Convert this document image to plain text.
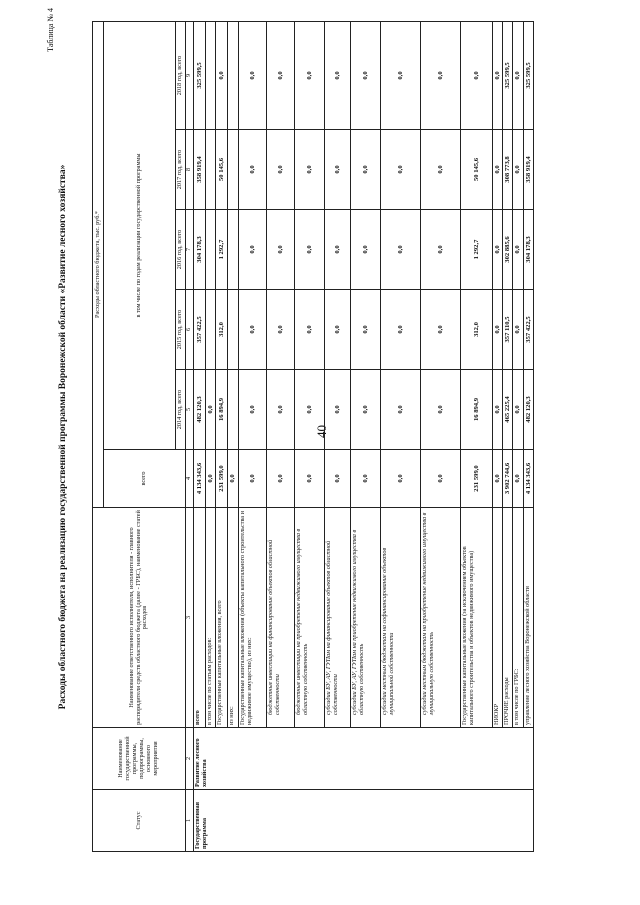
40
Таблица № 4
Расходы областного бюджета на реализацию государственной программы Воронежской области «Развитие лесного хозяйства»
Статус	Наименование государственной программы, подпрограммы, основного мероприятия	Наименование ответственного исполнителя, исполнителя - главного распорядителя средств областного бюджета (далее - ГРБС), наименование статей расходов	Расходы областного бюджета, тыс. руб.*					
			всего	в том числе по годам реализации государственной программы				
				2014 год, всего	2015 год, всего	2016 год, всего	2017 год, всего	2018 год, всего
1	2	3	4	5	6	7	8	9
Государственная программа	Развитие лесного хозяйства	всего	4 134 343,6	482 120,3	357 422,5	304 178,3	358 919,4	325 599,5
		в том числе по статьям расходов:	0,0	0,0				
		Государственные капитальные вложения, всего	231 599,0	16 894,9	312,0	1 292,7	50 145,6	0,0
		из них:	0,0					
		Государственные капитальные вложения (объекты капитального строительства и недвижимое имущество), из них:	0,0	0,0	0,0	0,0	0,0	0,0
		бюджетные инвестиции на финансирование объектов областной собственности	0,0	0,0	0,0	0,0	0,0	0,0
		бюджетные инвестиции на приобретение недвижимого имущества в областную собственность	0,0	0,0	0,0	0,0	0,0	0,0
		субсидии БУ, АУ, ГУПам на финансирование объектов областной собственности	0,0	0,0	0,0	0,0	0,0	0,0
		субсидии БУ, АУ, ГУПам на приобретение недвижимого имущества в областную собственность	0,0	0,0	0,0	0,0	0,0	0,0
		субсидии местным бюджетам на софинансирование объектов муниципальной собственности	0,0	0,0	0,0	0,0	0,0	0,0
		субсидии местным бюджетам на приобретение недвижимого имущества в муниципальную собственность	0,0	0,0	0,0	0,0	0,0	0,0
		Государственные капитальные вложения (за исключением объектов капитального строительства и объектов недвижимого имущества)	231 599,0	16 894,9	312,0	1 292,7	50 145,6	0,0
		НИОКР	0,0	0,0	0,0	0,0	0,0	0,0
		ПРОЧИЕ расходы	3 902 744,6	465 225,4	357 110,5	302 885,6	308 773,8	325 599,5
		в том числе по ГРБС:	0,0	0,0	0,0	0,0	0,0	0,0
		управление лесного хозяйства Воронежской области	4 134 343,6	482 120,3	357 422,5	304 178,3	358 919,4	325 599,5
